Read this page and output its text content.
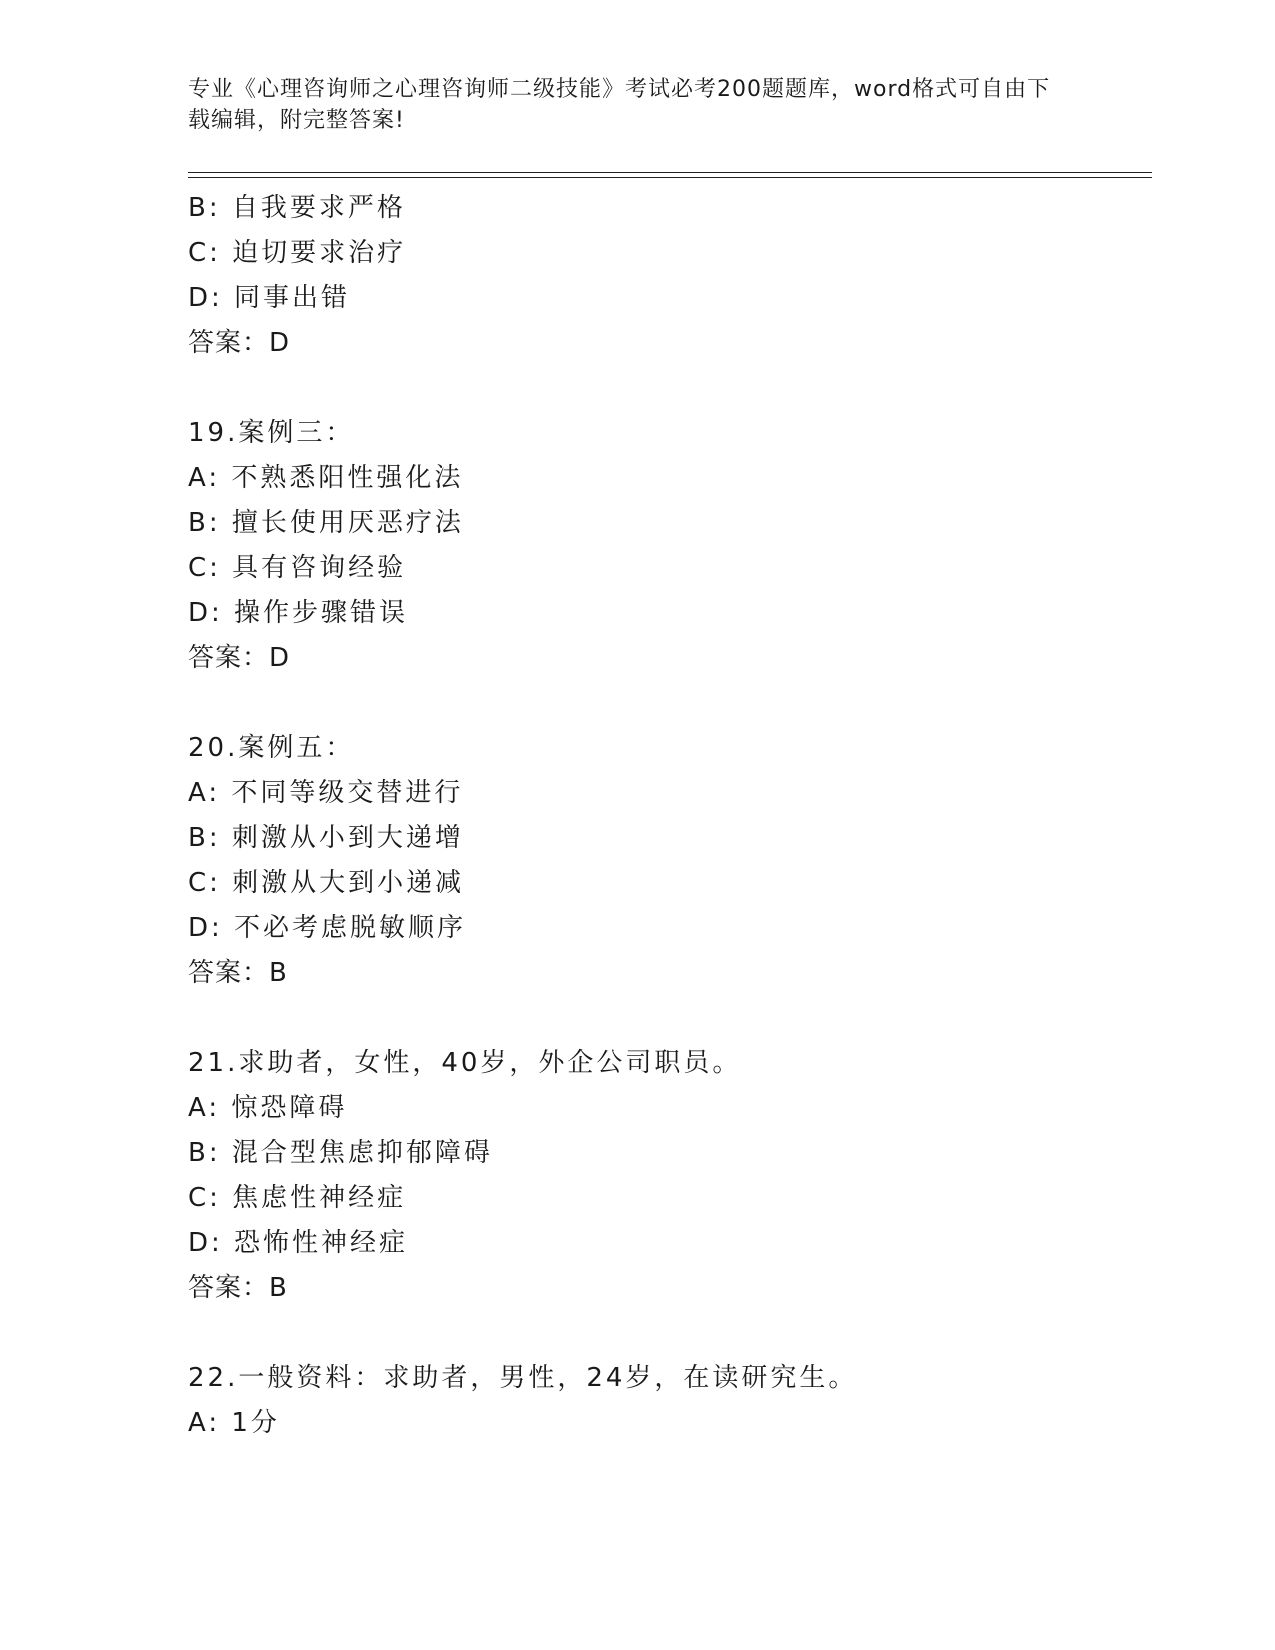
专业《心理咨询师之心理咨询师二级技能》考试必考200题题库，word格式可自由下载编辑，附完整答案!
B: 自我要求严格
C: 迫切要求治疗
D: 同事出错
答案：D
19.案例三：
A: 不熟悉阳性强化法
B: 擅长使用厌恶疗法
C: 具有咨询经验
D: 操作步骤错误
答案：D
20.案例五：
A: 不同等级交替进行
B: 刺激从小到大递增
C: 刺激从大到小递减
D: 不必考虑脱敏顺序
答案：B
21.求助者，女性，40岁，外企公司职员。
A: 惊恐障碍
B: 混合型焦虑抑郁障碍
C: 焦虑性神经症
D: 恐怖性神经症
答案：B
22.一般资料：求助者，男性，24岁，在读研究生。
A: 1分
